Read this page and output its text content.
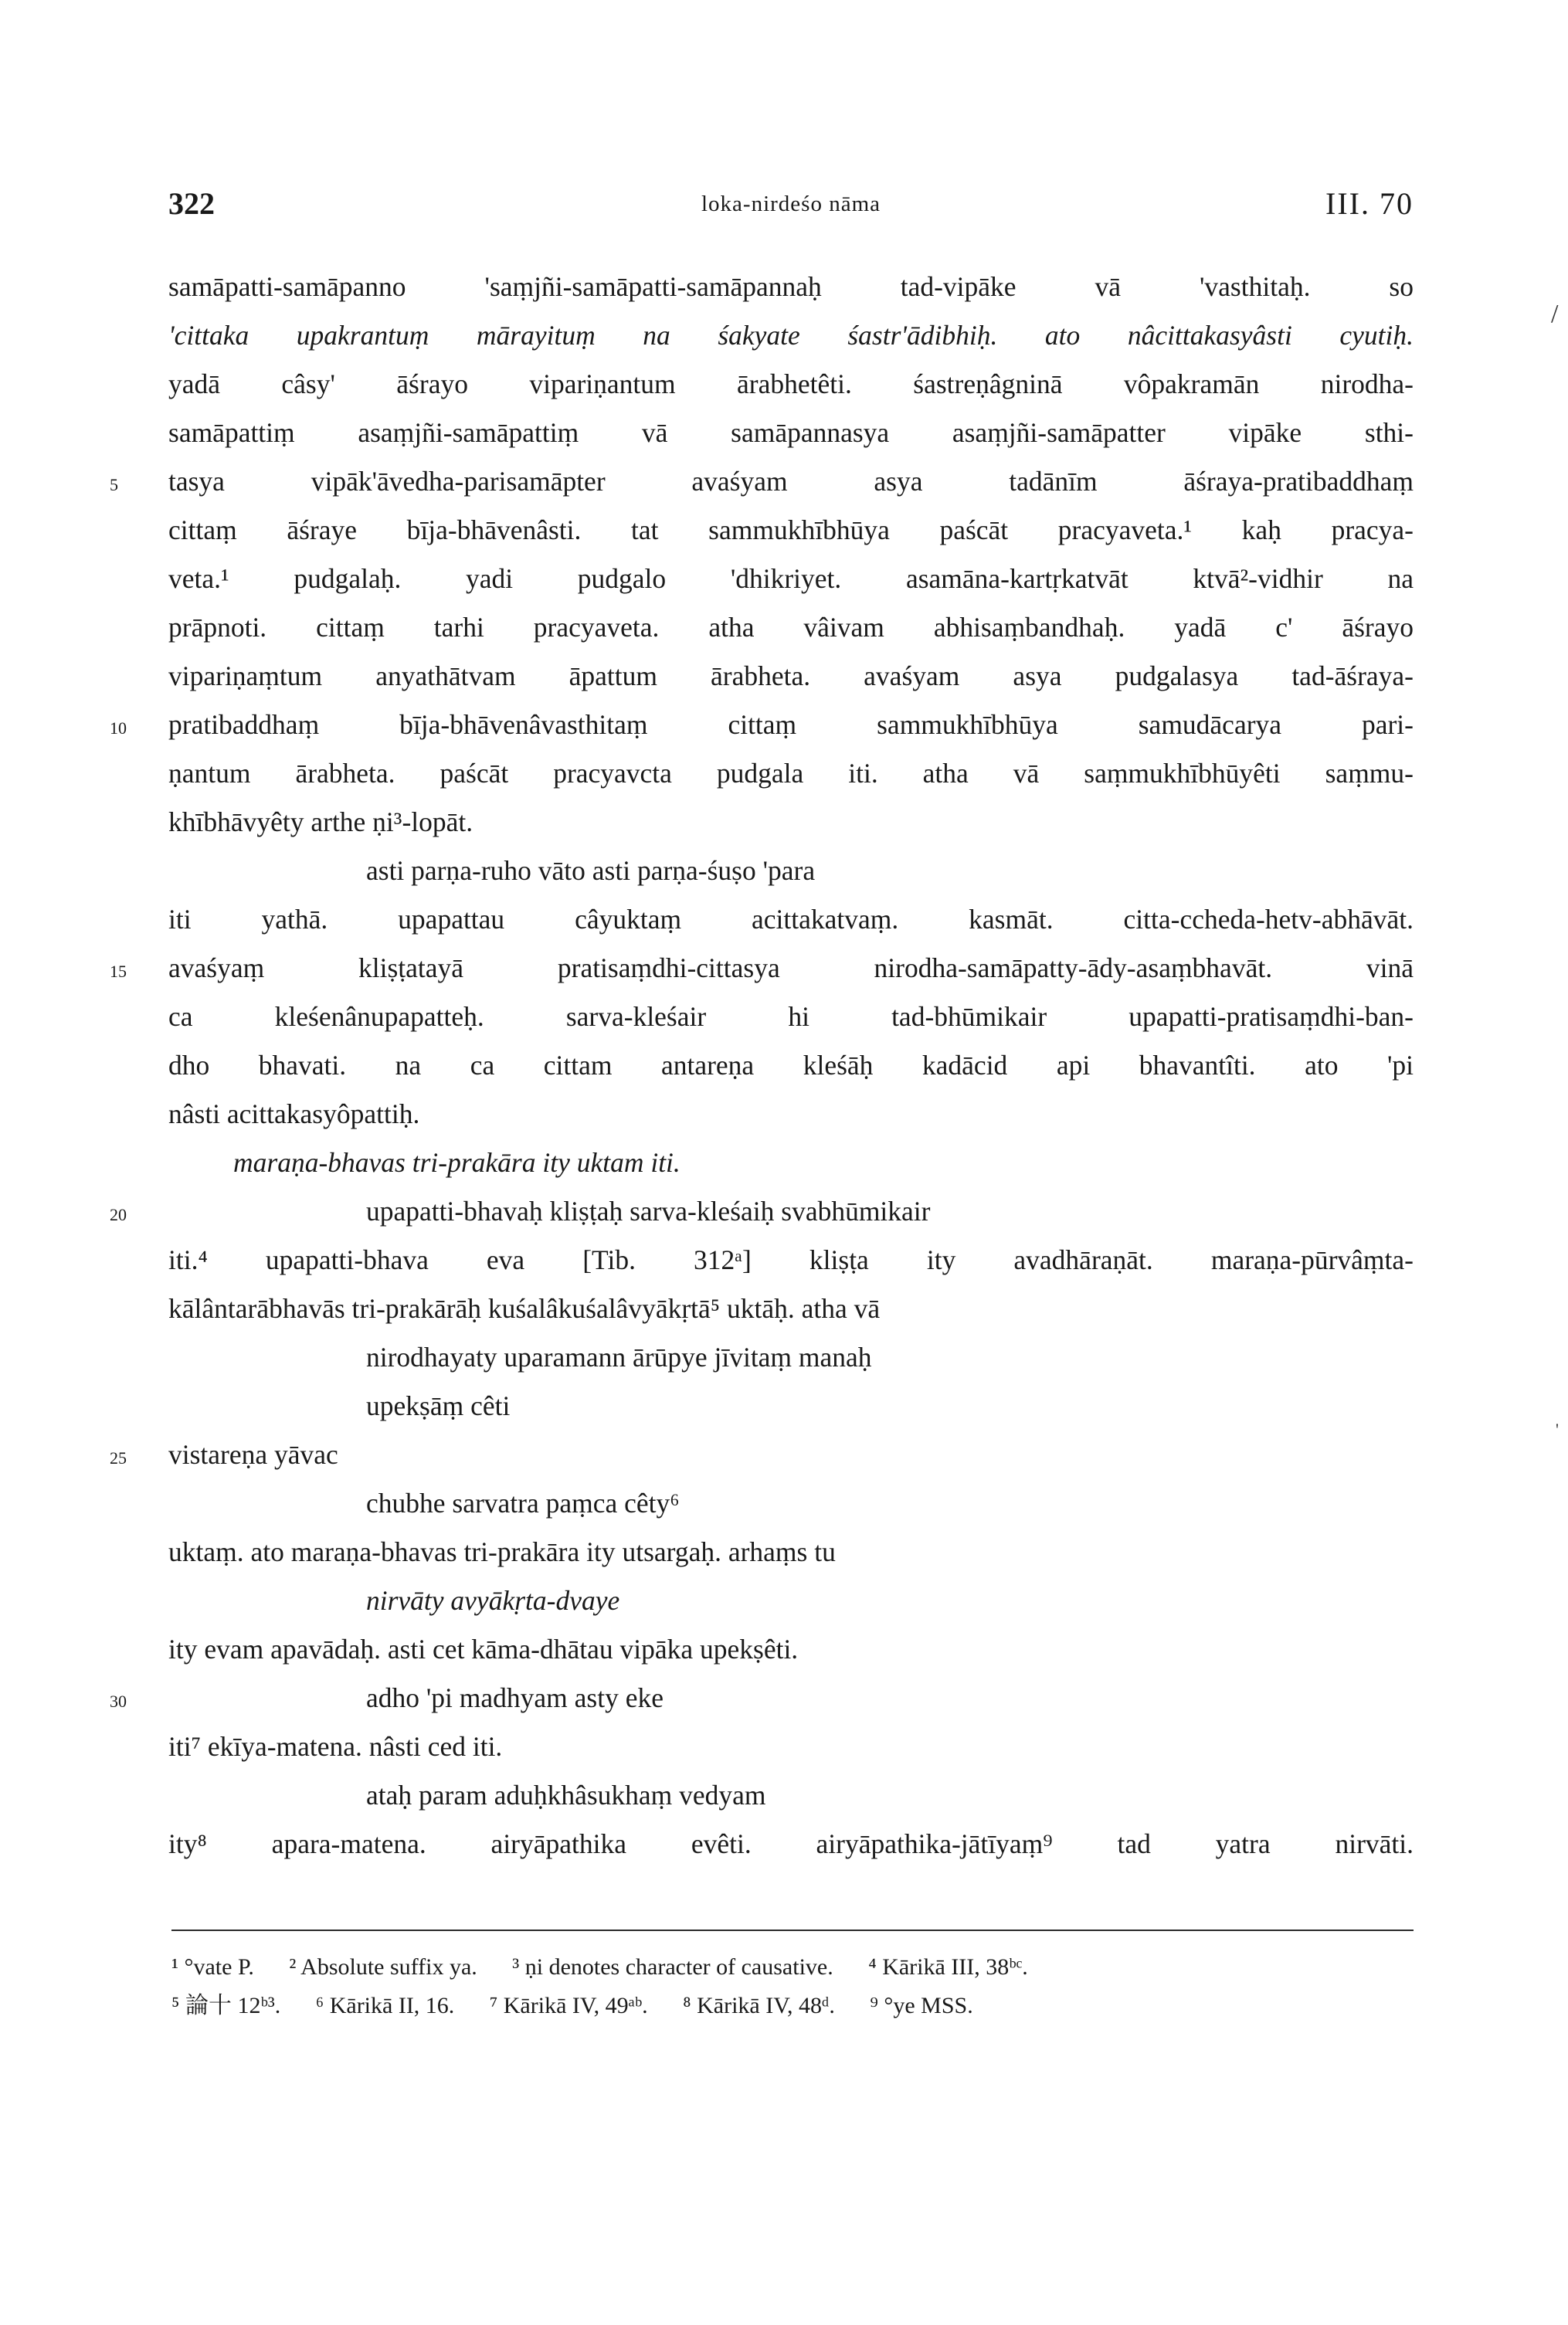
322	loka-nirdeśo nāma	III. 70
samāpatti-samāpanno 'saṃjñi-samāpatti-samāpannaḥ tad-vipāke vā 'vasthitaḥ. so
'cittaka upakrantuṃ mārayituṃ na śakyate śastr'ādibhiḥ. ato nâcittakasyâsti cyutiḥ.
yadā câsy' āśrayo vipariṇantum ārabhetêti. śastreṇâgninā vôpakramān nirodha-
samāpattiṃ asaṃjñi-samāpattiṃ vā samāpannasya asaṃjñi-samāpatter vipāke sthi-
5	tasya vipāk'āvedha-parisamāpter avaśyam asya tadānīm āśraya-pratibaddhaṃ
cittaṃ āśraye bīja-bhāvenâsti. tat sammukhībhūya paścāt pracyaveta.¹ kaḥ pracya-
veta.¹ pudgalaḥ. yadi pudgalo 'dhikriyet. asamāna-kartṛkatvāt ktvā²-vidhir na
prāpnoti. cittaṃ tarhi pracyaveta. atha vâivam abhisaṃbandhaḥ. yadā c' āśrayo
vipariṇaṃtum anyathātvam āpattum ārabheta. avaśyam asya pudgalasya tad-āśraya-
10	pratibaddhaṃ bīja-bhāvenâvasthitaṃ cittaṃ sammukhībhūya samudācarya pari-
ṇantum ārabheta. paścāt pracyavcta pudgala iti. atha vā saṃmukhībhūyêti saṃmu-
khībhāvyêty arthe ṇi³-lopāt.
asti parṇa-ruho vāto asti parṇa-śuṣo 'para
iti yathā. upapattau câyuktaṃ acittakatvaṃ. kasmāt. citta-ccheda-hetv-abhāvāt.
15	avaśyaṃ kliṣṭatayā pratisaṃdhi-cittasya nirodha-samāpatty-ādy-asaṃbhavāt. vinā
ca kleśenânupapatteḥ. sarva-kleśair hi tad-bhūmikair upapatti-pratisaṃdhi-ban-
dho bhavati. na ca cittam antareṇa kleśāḥ kadācid api bhavantîti. ato 'pi
nâsti acittakasyôpattiḥ.
maraṇa-bhavas tri-prakāra ity uktam iti.
20	upapatti-bhavaḥ kliṣṭaḥ sarva-kleśaiḥ svabhūmikair
iti.⁴ upapatti-bhava eva [Tib. 312ᵃ] kliṣṭa ity avadhāraṇāt. maraṇa-pūrvâṃta-
kālântarābhavās tri-prakārāḥ kuśalâkuśalâvyākṛtā⁵ uktāḥ. atha vā
nirodhayaty uparamann ārūpye jīvitaṃ manaḥ
upekṣāṃ cêti
25	vistareṇa yāvac
chubhe sarvatra paṃca cêty⁶
uktaṃ. ato maraṇa-bhavas tri-prakāra ity utsargaḥ. arhaṃs tu
nirvāty avyākṛta-dvaye
ity evam apavādaḥ. asti cet kāma-dhātau vipāka upekṣêti.
30	adho 'pi madhyam asty eke
iti⁷ ekīya-matena. nâsti ced iti.
ataḥ param aduḥkhâsukhaṃ vedyam
ity⁸ apara-matena. airyāpathika evêti. airyāpathika-jātīyaṃ⁹ tad yatra nirvāti.
¹ °vate P. ² Absolute suffix ya. ³ ṇi denotes character of causative. ⁴ Kārikā III, 38ᵇᶜ.
⁵ 論十 12ᵇ³. ⁶ Kārikā II, 16. ⁷ Kārikā IV, 49ᵃᵇ. ⁸ Kārikā IV, 48ᵈ. ⁹ °ye MSS.
/
'
